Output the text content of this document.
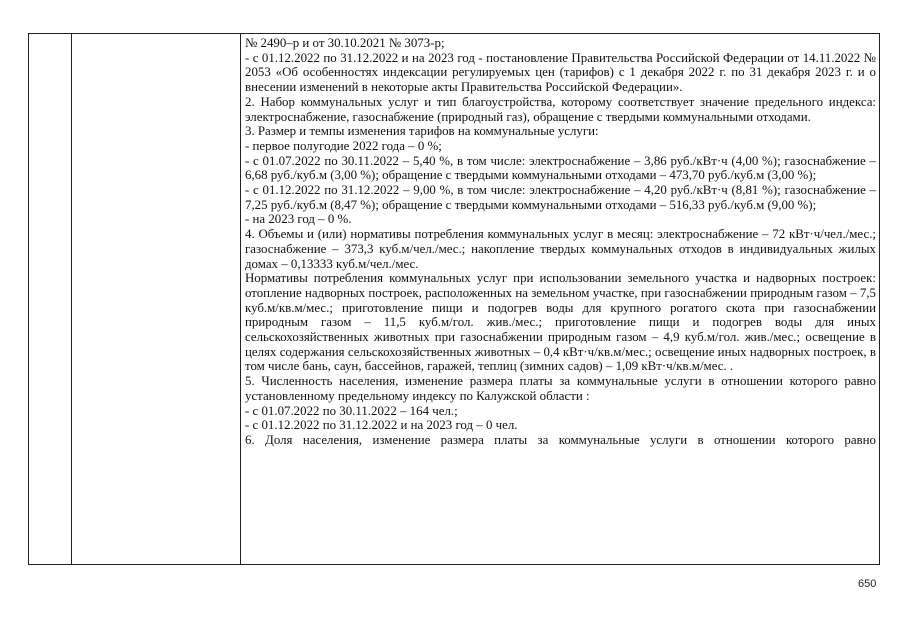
№ 2490–р и от 30.10.2021 № 3073-р;

- с 01.12.2022 по 31.12.2022 и на 2023 год - постановление Правительства Российской Федерации от 14.11.2022 № 2053 «Об особенностях индексации регулируемых цен (тарифов) с 1 декабря 2022 г. по 31 декабря 2023 г. и о внесении изменений в некоторые акты Правительства Российской Федерации».

2. Набор коммунальных услуг и тип благоустройства, которому соответствует значение предельного индекса: электроснабжение, газоснабжение (природный газ), обращение с твердыми коммунальными отходами.

3. Размер и темпы изменения тарифов на коммунальные услуги:

- первое полугодие 2022 года – 0 %;

- с 01.07.2022 по 30.11.2022 – 5,40 %, в том числе: электроснабжение – 3,86 руб./кВт·ч (4,00 %); газоснабжение – 6,68 руб./куб.м (3,00 %); обращение с твердыми коммунальными отходами – 473,70 руб./куб.м (3,00 %);

- с 01.12.2022 по 31.12.2022 – 9,00 %, в том числе: электроснабжение – 4,20 руб./кВт·ч (8,81 %); газоснабжение – 7,25 руб./куб.м (8,47 %); обращение с твердыми коммунальными отходами – 516,33 руб./куб.м (9,00 %);

- на 2023 год – 0 %.

4. Объемы и (или) нормативы потребления коммунальных услуг в месяц: электроснабжение – 72 кВт·ч/чел./мес.; газоснабжение – 373,3 куб.м/чел./мес.; накопление твердых коммунальных отходов в индивидуальных жилых домах – 0,13333 куб.м/чел./мес.

Нормативы потребления коммунальных услуг при использовании земельного участка и надворных построек: отопление надворных построек, расположенных на земельном участке, при газоснабжении природным газом – 7,5 куб.м/кв.м/мес.; приготовление пищи и подогрев воды для крупного рогатого скота при газоснабжении природным газом – 11,5 куб.м/гол. жив./мес.; приготовление пищи и подогрев воды для иных сельскохозяйственных животных при газоснабжении природным газом – 4,9 куб.м/гол. жив./мес.; освещение в целях содержания сельскохозяйственных животных – 0,4 кВт·ч/кв.м/мес.; освещение иных надворных построек, в том числе бань, саун, бассейнов, гаражей, теплиц (зимних садов) – 1,09 кВт·ч/кв.м/мес. .

5. Численность населения, изменение размера платы за коммунальные услуги в отношении которого равно установленному предельному индексу по Калужской области :

- с 01.07.2022 по 30.11.2022 – 164 чел.;

- с 01.12.2022 по 31.12.2022 и на 2023 год – 0 чел.

6. Доля населения, изменение размера платы за коммунальные услуги в отношении которого равно

650
